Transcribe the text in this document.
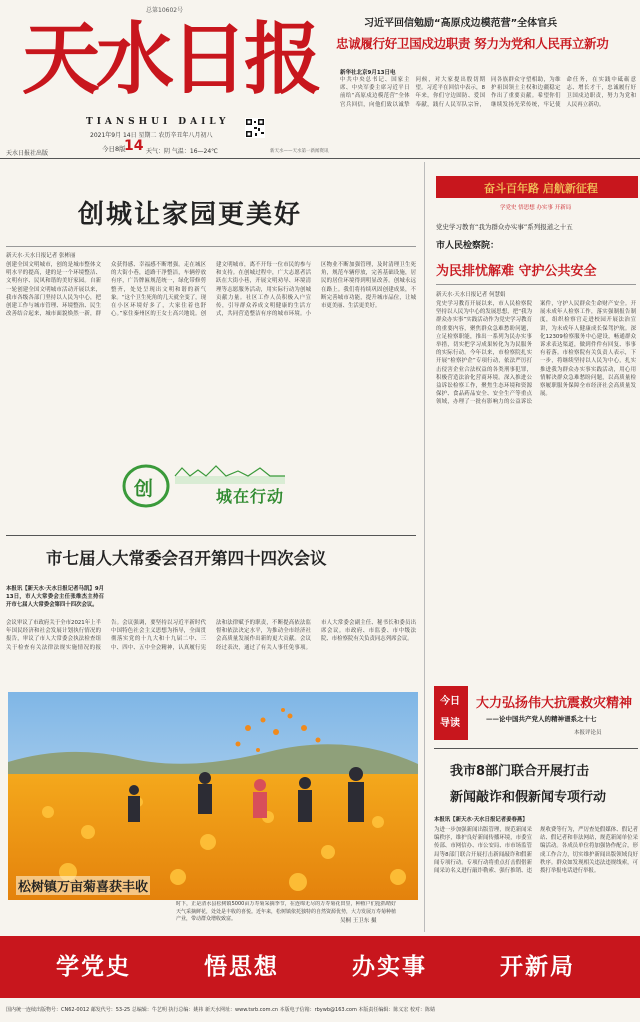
总第10602号
天水日报
TIANSHUI DAILY
天水日报社出版
2021年9月 14日 星期二 农历辛丑年八月初八
今日8版
14 天气：阴 气温：16—24℃	新天水——天水第一新闻资讯
习近平回信勉励“高原戍边模范营”全体官兵
忠诚履行好卫国戍边职责 努力为党和人民再立新功
新华社北京9月13日电
中共中央总书记、国家主席、中央军委主席习近平日前给“高原戍边模范营”全体官兵回信，向他们致以诚挚问候，对大家提出殷切期望。习近平在回信中表示，8年来，你们守边固防、爱国奉献，践行人民军队宗旨，同各族群众守望相助，为维护祖国领土主权和边疆稳定作出了重要贡献。希望你们继续发扬光荣传统，牢记使命任务，在实践中砥砺意志、增长才干，忠诚履行好卫国戍边职责，努力为党和人民再立新功。
创城让家园更美好
新天水·天水日报记者 张彬丽
创建全国文明城市，创的是城市整体文明水平的提高，建的是一个环境整洁、文明有序、民风和谐的美好家园。自新一轮创建全国文明城市活动开展以来，我市各级各部门坚持以人民为中心，把创建工作与城市管理、环境整治、民生改善结合起来，城市面貌焕然一新，群众获得感、幸福感不断增强。走在城区的大街小巷，道路干净整洁，车辆停放有序，广告牌匾规范统一，绿化带修剪整齐，处处呈现出文明和谐的新气象。“这个卫生死角的几天就全变了，现在小区环境好多了，大家住着也舒心。”家住秦州区的王女士高兴地说。创建文明城市，离不开每一位市民的参与和支持。在创城过程中，广大志愿者活跃在大街小巷，开展文明劝导、环境清理等志愿服务活动，用实际行动为创城贡献力量。社区工作人员积极入户宣传，引导群众养成文明健康的生活方式，共同营造整洁有序的城市环境。小区物业不断加强管理，及时清理卫生死角，规范车辆停放，完善基础设施，居民的居住环境得到明显改善。创城永远在路上。我们将持续巩固创建成果，不断完善城市功能，提升城市品位，让城市更美丽、生活更美好。
创	城在行动
市七届人大常委会召开第四十四次会议
本报讯【新天水·天水日报记者马凯】9月13日，市人大常委会主任张维杰主持召开市七届人大常委会第四十四次会议。
会议审议了市政府关于全市2021年上半年国民经济和社会发展计划执行情况的报告，审议了市人大常委会执法检查组关于检查有关法律法规实施情况的报告。会议强调，要坚持以习近平新时代中国特色社会主义思想为指导，全面贯彻落实党的十九大和十九届二中、三中、四中、五中全会精神，认真履行宪法和法律赋予的职责，不断提高依法监督和依法决定水平，为推动全市经济社会高质量发展作出新的更大贡献。会议经过表决，通过了有关人事任免事项。市人大常委会副主任、秘书长和委员出席会议。市政府、市监委、市中级法院、市检察院有关负责同志列席会议。
松树镇万亩菊喜获丰收
时下，正是清水县松树镇5000亩万寿菊采摘季节，在连绵无尽的万寿菊花田里，种植户们抢抓晴好天气采摘鲜花，处处是丰收的喜悦。近年来，松树镇依托独特的自然资源优势，大力发展万寿菊种植产业，带动群众增收致富。	吴桐 王卫东 摄
奋斗百年路 启航新征程
学党史 悟思想 办实事 开新局
党史学习教育“我为群众办实事”系列报道之十五
市人民检察院：
为民排忧解难 守护公共安全
新天水·天水日报记者 何慧娟
党史学习教育开展以来，市人民检察院坚持以人民为中心的发展思想，把“我为群众办实事”实践活动作为党史学习教育的重要内容，聚焦群众急难愁盼问题，立足检察职能，推出一系列为民办实事举措，切实把学习成果转化为为民服务的实际行动。今年以来，市检察院扎实开展“检察护企”专项行动，依法严厉打击侵害企业合法权益的各类刑事犯罪，积极营造法治化营商环境。深入推进公益诉讼检察工作，聚焦生态环境和资源保护、食品药品安全、安全生产等重点领域，办理了一批有影响力的公益诉讼案件，守护人民群众生命财产安全。开展未成年人检察工作，落实强制报告制度，组织检察官走进校园开展法治宣讲，为未成年人健康成长保驾护航。深化12309检察服务中心建设，畅通群众诉求表达渠道，做到件件有回复、事事有着落。市检察院有关负责人表示，下一步，将继续坚持以人民为中心，扎实推进我为群众办实事实践活动，用心用情解决群众急难愁盼问题，以高质量检察履职服务保障全市经济社会高质量发展。
今日
导读
大力弘扬伟大抗震救灾精神
——论中国共产党人的精神谱系之十七
本报评论员
我市8部门联合开展打击
新闻敲诈和假新闻专项行动
本报讯【新天水·天水日报记者姜春燕】
为进一步加强新闻出版管理，规范新闻采编秩序，维护良好新闻传播环境，市委宣传部、市网信办、市公安局、市市场监管局等8部门联合开展打击新闻敲诈和假新闻专项行动。专项行动将重点打击假借新闻采访名义进行敲诈勒索、强行推销、违规收费等行为，严厉查处假媒体、假记者站、假记者和非法网站，规范新闻单位采编活动。各成员单位将加强协作配合，形成工作合力，切实维护新闻出版领域良好秩序。群众如发现相关违法违规线索，可拨打举报电话进行举报。
学党史	悟思想	办实事	开新局
国内统一连续出版物号：CN62-0012 邮发代号：53-25 总编辑：牛艺明 执行总编：姚祎 新天水网址：www.tsrb.com.cn 本版电子信箱：rbywb@163.com 本版责任编辑：陈义宏 校对：陈婧
